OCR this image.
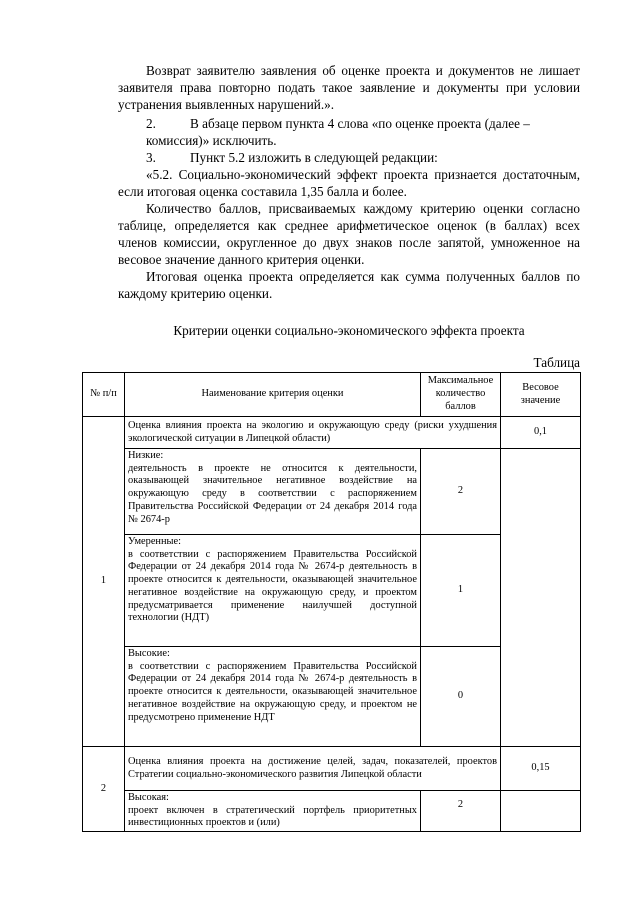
Возврат заявителю заявления об оценке проекта и документов не лишает заявителя права повторно подать такое заявление и документы при условии устранения выявленных нарушений.».

2.	В абзаце первом пункта 4 слова «по оценке проекта (далее – комиссия)» исключить.

3.	Пункт 5.2 изложить в следующей редакции:

«5.2. Социально-экономический эффект проекта признается достаточным, если итоговая оценка составила 1,35 балла и более.

Количество баллов, присваиваемых каждому критерию оценки согласно таблице, определяется как среднее арифметическое оценок (в баллах) всех членов комиссии, округленное до двух знаков после запятой, умноженное на весовое значение данного критерия оценки.

Итоговая оценка проекта определяется как сумма полученных баллов по каждому критерию оценки.

Критерии оценки социально-экономического эффекта проекта

Таблица
№ п/п	Наименование критерия оценки	Максимальное количество баллов	Весовое значение
1	Оценка влияния проекта на экологию и окружающую среду (риски ухудшения экологической ситуации в Липецкой области)		0,1

	Низкие:
деятельность в проекте не относится к деятельности, оказывающей значительное негативное воздействие на окружающую среду в соответствии с распоряжением Правительства Российской Федерации от 24 декабря 2014 года № 2674-р	2	

	Умеренные:
в соответствии с распоряжением Правительства Российской Федерации от 24 декабря 2014 года № 2674-р деятельность в проекте относится к деятельности, оказывающей значительное негативное воздействие на окружающую среду, и проектом предусматривается применение наилучшей доступной технологии (НДТ)	1	

	Высокие:
в соответствии с распоряжением Правительства Российской Федерации от 24 декабря 2014 года № 2674-р деятельность в проекте относится к деятельности, оказывающей значительное негативное воздействие на окружающую среду, и проектом не предусмотрено применение НДТ	0	
2	Оценка влияния проекта на достижение целей, задач, показателей, проектов Стратегии социально-экономического развития Липецкой области		0,15

	Высокая:
проект включен в стратегический портфель приоритетных инвестиционных проектов и (или)	2	
